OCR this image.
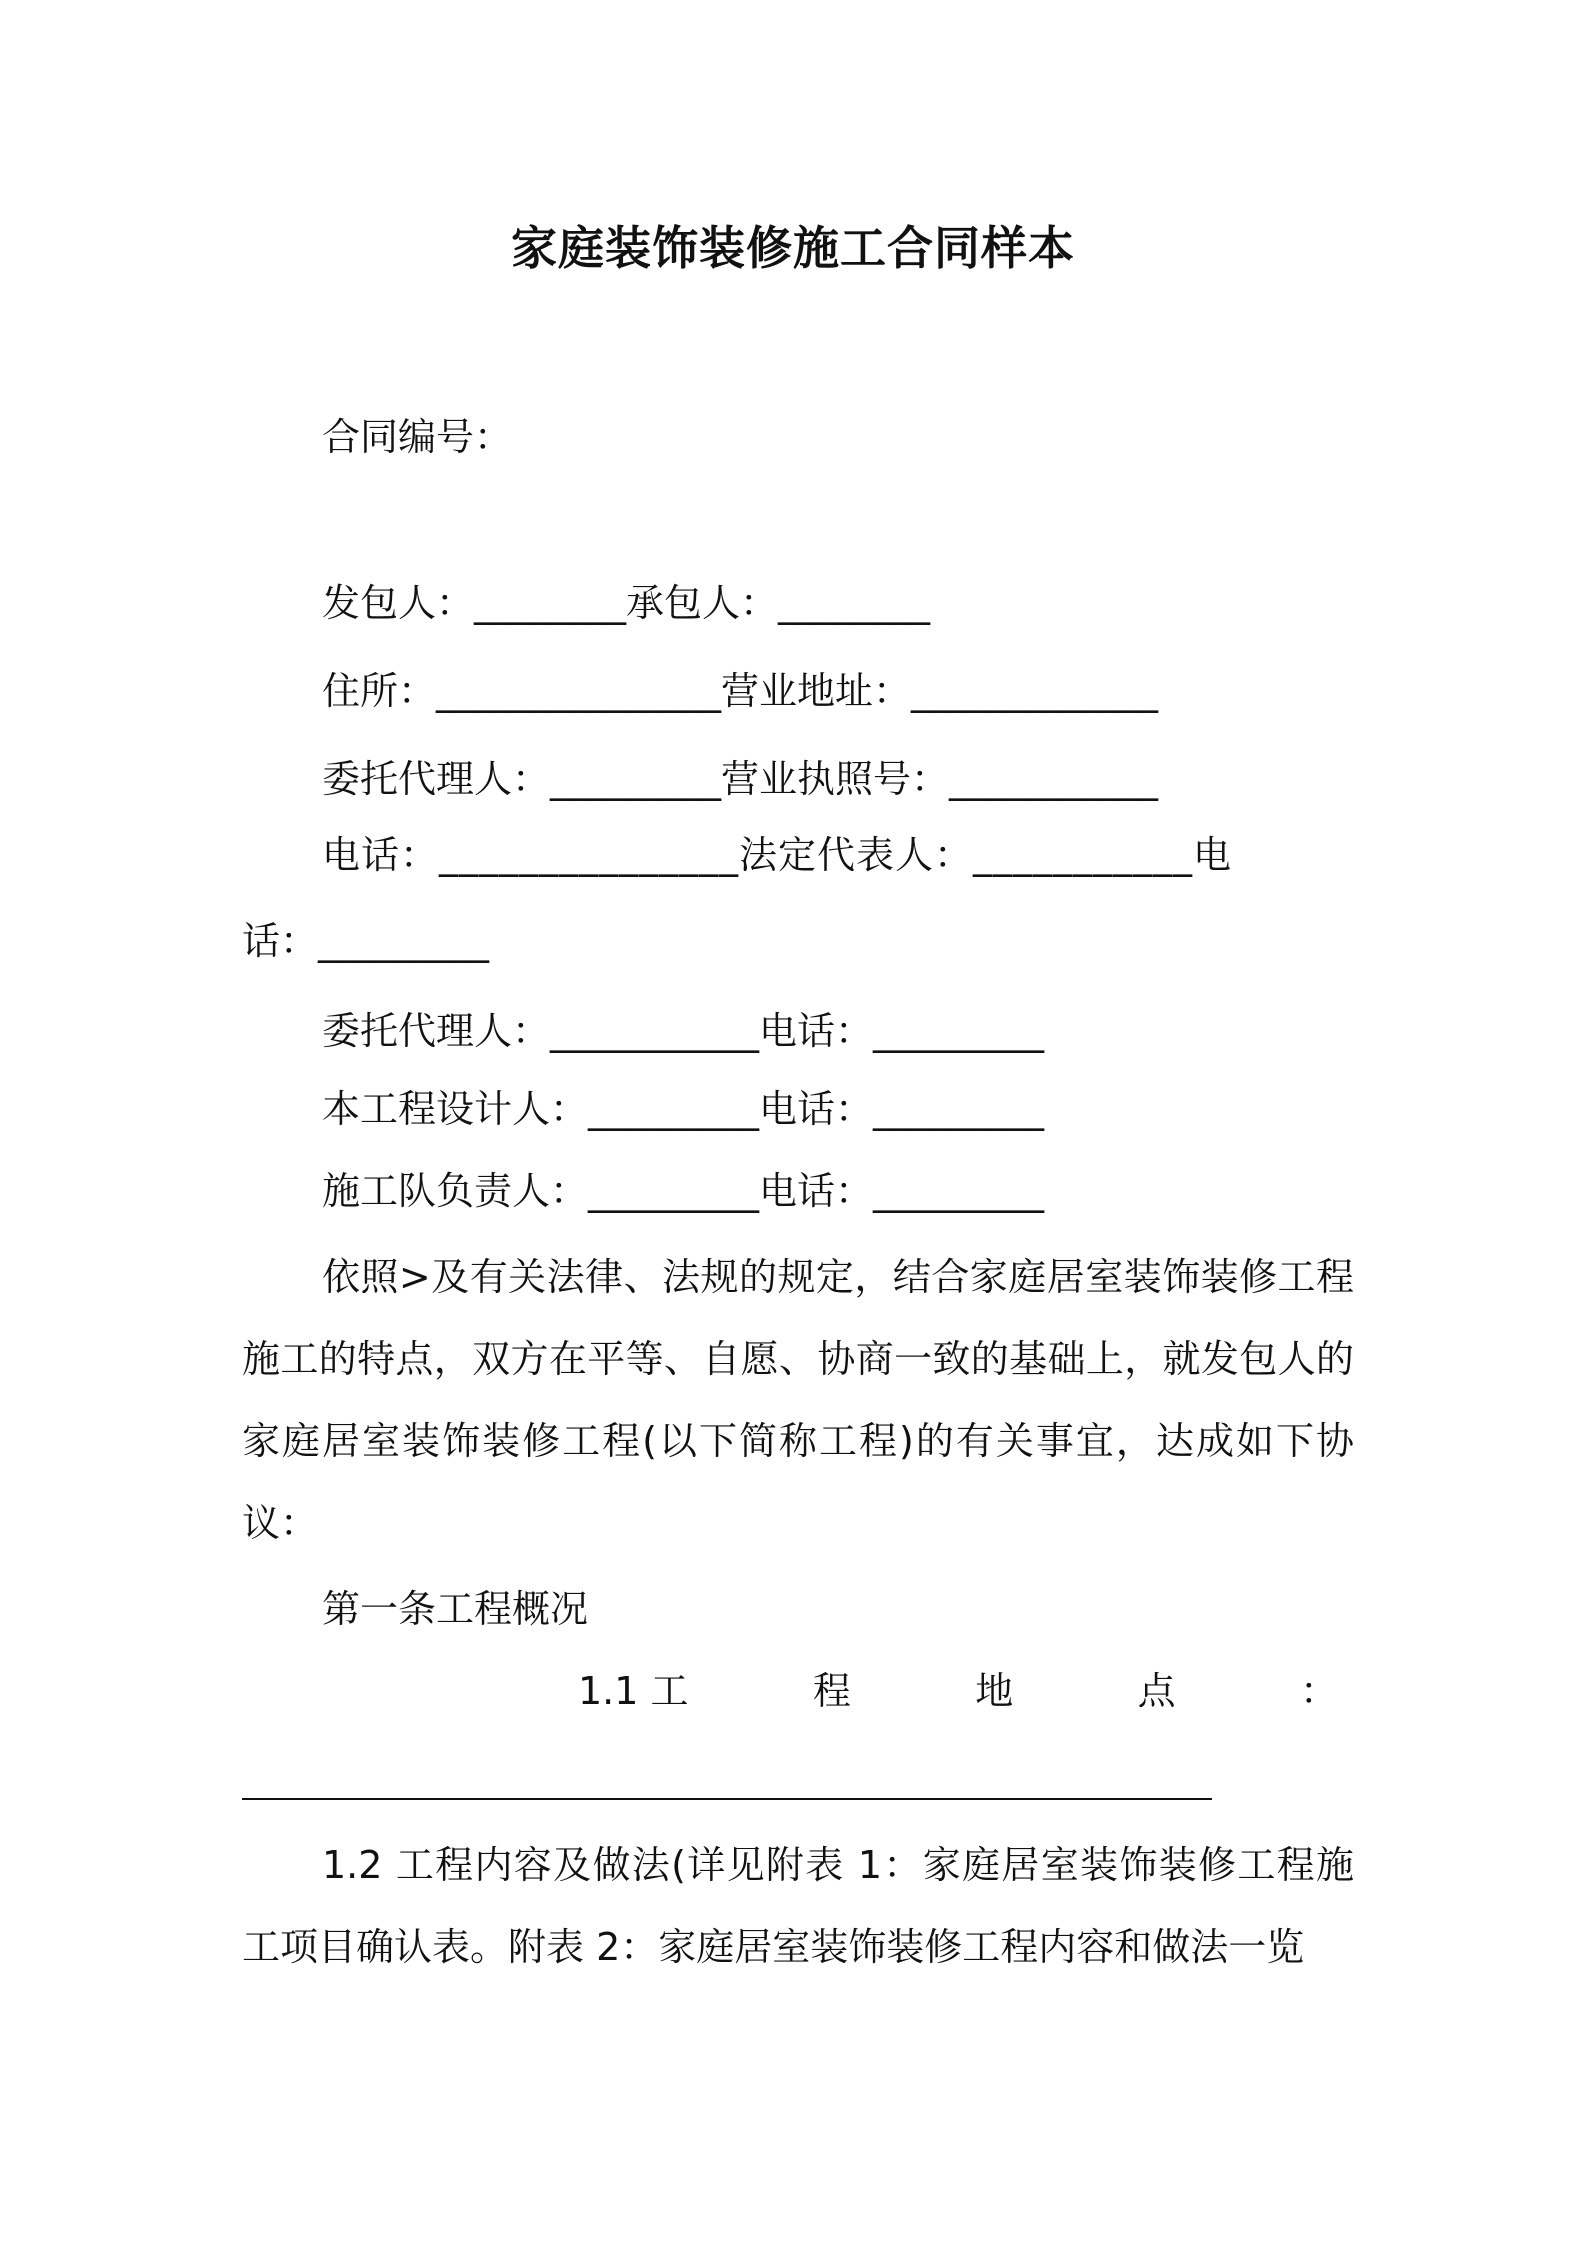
家庭装饰装修施工合同样本
合同编号：
发包人：________承包人：________
住所：_______________营业地址：_____________
委托代理人：_________营业执照号：___________
电话：_______________法定代表人：___________电
话：_________
委托代理人：___________电话：_________
本工程设计人：_________电话：_________
施工队负责人：_________电话：_________
依照>及有关法律、法规的规定，结合家庭居室装饰装修工程施工的特点，双方在平等、自愿、协商一致的基础上，就发包人的家庭居室装饰装修工程(以下简称工程)的有关事宜，达成如下协议：
第一条工程概况
1.1 工	程	地	点	：
1.2 工程内容及做法(详见附表 1：家庭居室装饰装修工程施工项目确认表。附表 2：家庭居室装饰装修工程内容和做法一览
